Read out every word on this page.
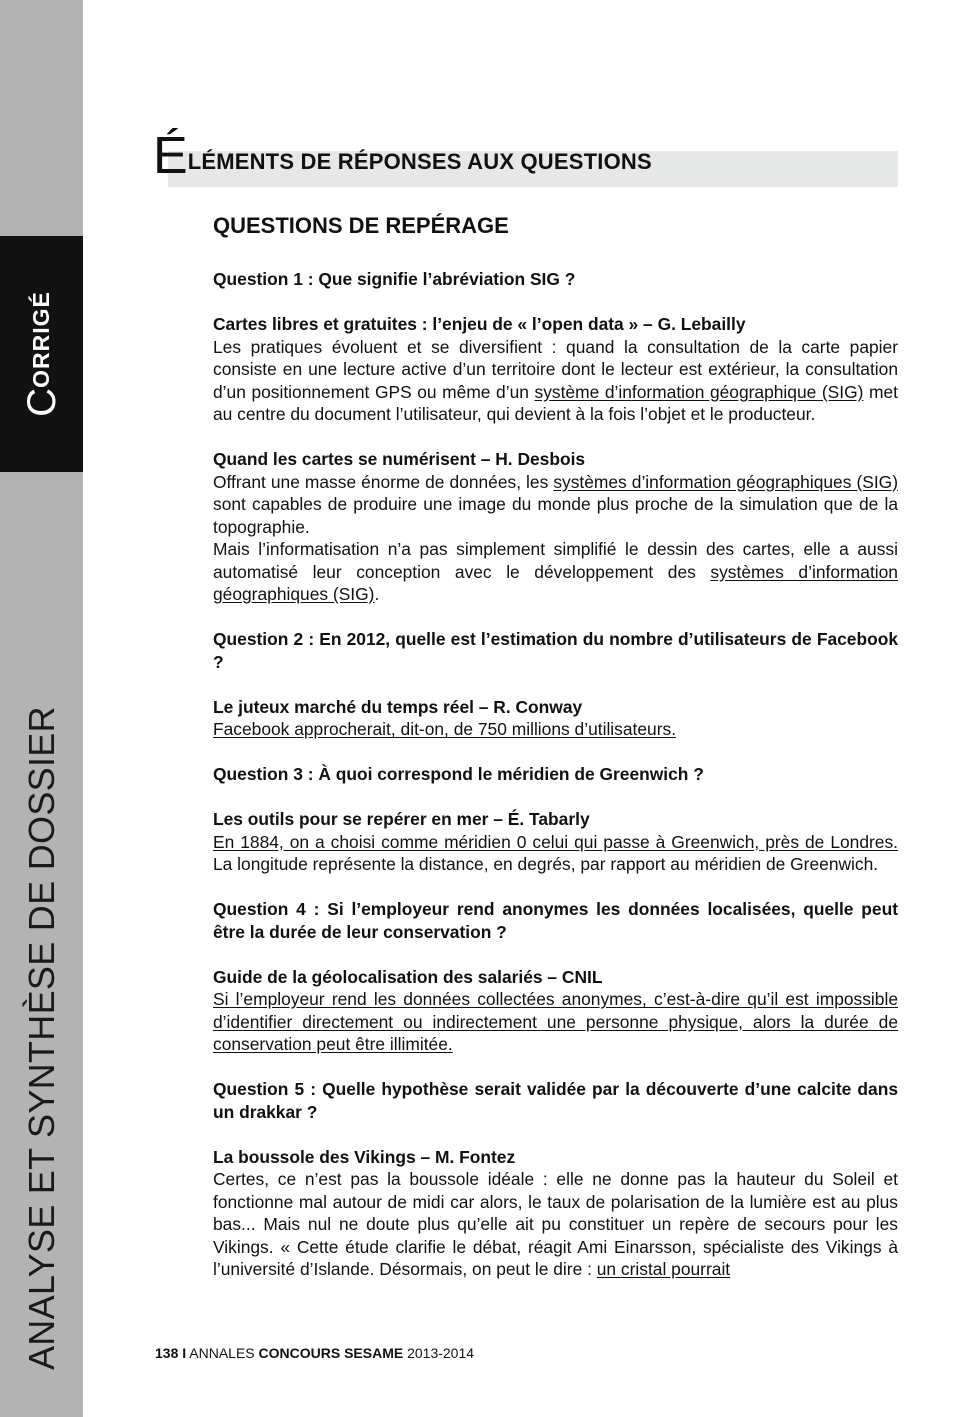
C
ORRIGÉ
ANALYSE ET SYNTHÈSE DE DOSSIER
ÉLÉMENTS DE RÉPONSES AUX QUESTIONS
QUESTIONS DE REPÉRAGE

Question 1 : Que signifie l’abréviation SIG ?

Cartes libres et gratuites : l’enjeu de « l’open data » – G. Lebailly

Les pratiques évoluent et se diversifient : quand la consultation de la carte papier consiste en une lecture active d’un territoire dont le lecteur est extérieur, la consultation d’un positionnement GPS ou même d’un système d’information géographique (SIG) met au centre du document l’utilisateur, qui devient à la fois l’objet et le producteur.

Quand les cartes se numérisent – H. Desbois

Offrant une masse énorme de données, les systèmes d’information géographiques (SIG) sont capables de produire une image du monde plus proche de la simulation que de la topographie.

Mais l’informatisation n’a pas simplement simplifié le dessin des cartes, elle a aussi automatisé leur conception avec le développement des systèmes d’information géographiques (SIG).

Question 2 : En 2012, quelle est l’estimation du nombre d’utilisateurs de Facebook ?

Le juteux marché du temps réel – R. Conway

Facebook approcherait, dit-on, de 750 millions d’utilisateurs.

Question 3 : À quoi correspond le méridien de Greenwich ?

Les outils pour se repérer en mer – É. Tabarly

En 1884, on a choisi comme méridien 0 celui qui passe à Greenwich, près de Londres. La longitude représente la distance, en degrés, par rapport au méridien de Greenwich.

Question 4 : Si l’employeur rend anonymes les données localisées, quelle peut être la durée de leur conservation ?

Guide de la géolocalisation des salariés – CNIL

Si l’employeur rend les données collectées anonymes, c’est-à-dire qu’il est impossible d’identifier directement ou indirectement une personne physique, alors la durée de conservation peut être illimitée.

Question 5 : Quelle hypothèse serait validée par la découverte d’une calcite dans un drakkar ?

La boussole des Vikings – M. Fontez

Certes, ce n’est pas la boussole idéale : elle ne donne pas la hauteur du Soleil et fonctionne mal autour de midi car alors, le taux de polarisation de la lumière est au plus bas... Mais nul ne doute plus qu’elle ait pu constituer un repère de secours pour les Vikings. « Cette étude clarifie le débat, réagit Ami Einarsson, spécialiste des Vikings à l’université d’Islande. Désormais, on peut le dire : un cristal pourrait

138 I ANNALES CONCOURS SESAME 2013-2014
